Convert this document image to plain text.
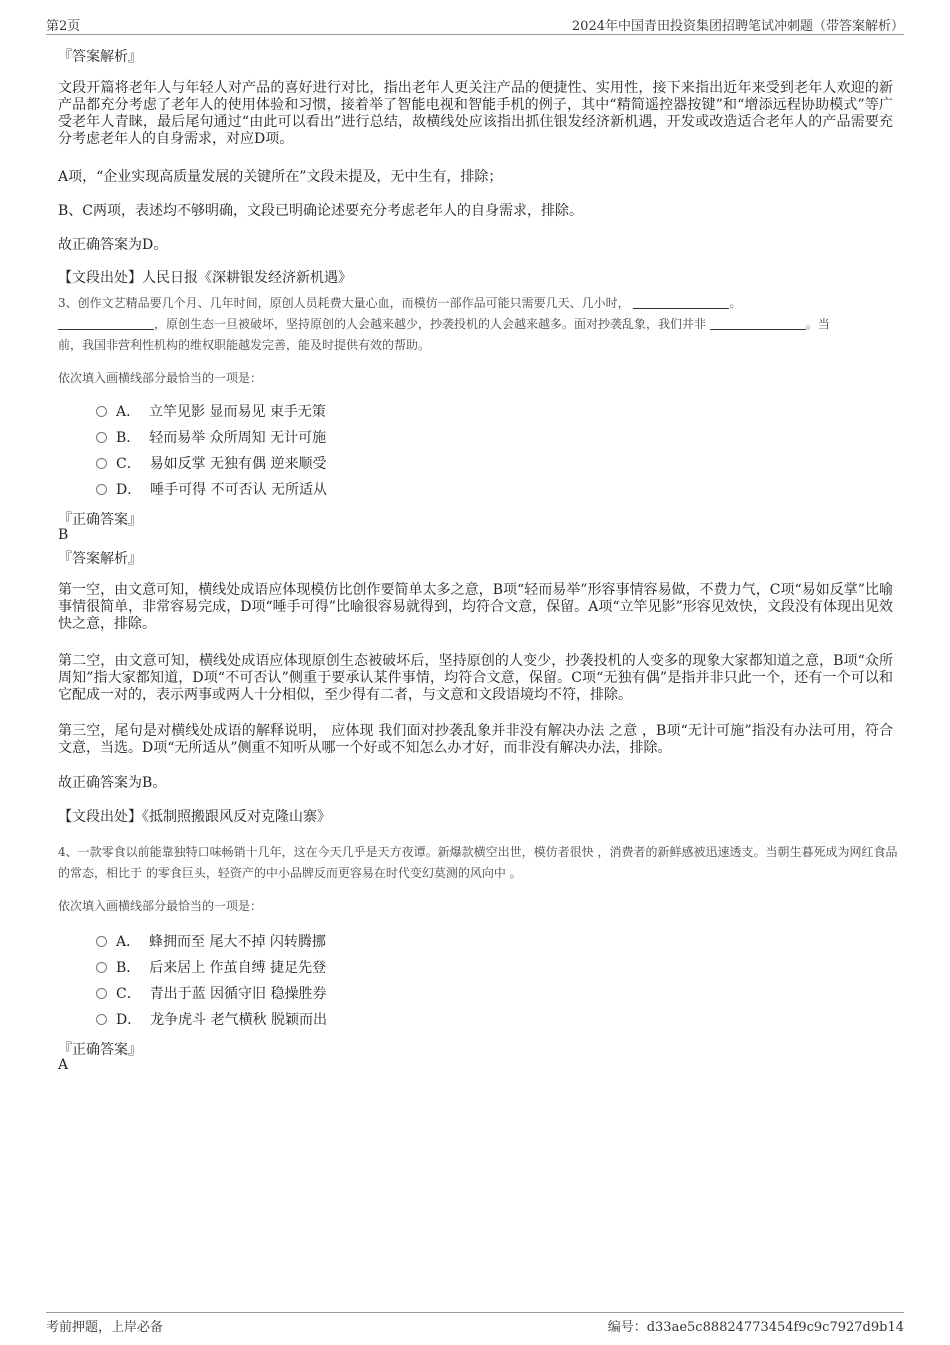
第2页	2024年中国青田投资集团招聘笔试冲刺题（带答案解析）
『答案解析』
文段开篇将老年人与年轻人对产品的喜好进行对比，指出老年人更关注产品的便捷性、实用性，接下来指出近年来受到老年人欢迎的新产品都充分考虑了老年人的使用体验和习惯，接着举了智能电视和智能手机的例子，其中“精简遥控器按键”和“增添远程协助模式”等广受老年人青睐，最后尾句通过“由此可以看出”进行总结，故横线处应该指出抓住银发经济新机遇，开发或改造适合老年人的产品需要充分考虑老年人的自身需求，对应D项。
A项，“企业实现高质量发展的关键所在”文段未提及，无中生有，排除；
B、C两项，表述均不够明确，文段已明确论述要充分考虑老年人的自身需求，排除。
故正确答案为D。
【文段出处】人民日报《深耕银发经济新机遇》
3、创作文艺精品要几个月、几年时间，原创人员耗费大量心血，而模仿一部作品可能只需要几天、几小时，	。
，原创生态一旦被破坏，坚持原创的人会越来越少，抄袭投机的人会越来越多。面对抄袭乱象，我们并非	。当
前，我国非营利性机构的维权职能越发完善，能及时提供有效的帮助。
依次填入画横线部分最恰当的一项是：
A．  立竿见影 显而易见 束手无策
B．  轻而易举 众所周知 无计可施
C．  易如反掌 无独有偶 逆来顺受
D．  唾手可得 不可否认 无所适从
『正确答案』
B
『答案解析』
第一空，由文意可知，横线处成语应体现模仿比创作要简单太多之意，B项“轻而易举”形容事情容易做，不费力气，C项“易如反掌”比喻事情很简单，非常容易完成，D项“唾手可得”比喻很容易就得到，均符合文意，保留。A项“立竿见影”形容见效快，文段没有体现出见效快之意，排除。
第二空，由文意可知，横线处成语应体现原创生态被破坏后，坚持原创的人变少，抄袭投机的人变多的现象大家都知道之意，B项“众所周知”指大家都知道，D项“不可否认”侧重于要承认某件事情，均符合文意，保留。C项“无独有偶”是指并非只此一个，还有一个可以和它配成一对的，表示两事或两人十分相似，至少得有二者，与文意和文段语境均不符，排除。
第三空，尾句是对横线处成语的解释说明， 应体现 我们面对抄袭乱象并非没有解决办法 之意 ，B项“无计可施”指没有办法可用，符合文意，当选。D项“无所适从”侧重不知听从哪一个好或不知怎么办才好，而非没有解决办法，排除。
故正确答案为B。
【文段出处】《抵制照搬跟风反对克隆山寨》
4、一款零食以前能靠独特口味畅销十几年，这在今天几乎是天方夜谭。新爆款横空出世，模仿者很快 ，消费者的新鲜感被迅速透支。当朝生暮死成为网红食品的常态，相比于 的零食巨头，轻资产的中小品牌反而更容易在时代变幻莫测的风向中 。
依次填入画横线部分最恰当的一项是：
A．  蜂拥而至 尾大不掉 闪转腾挪
B．  后来居上 作茧自缚 捷足先登
C．  青出于蓝 因循守旧 稳操胜券
D．  龙争虎斗 老气横秋 脱颖而出
『正确答案』
A
考前押题，上岸必备	编号：d33ae5c88824773454f9c9c7927d9b14
